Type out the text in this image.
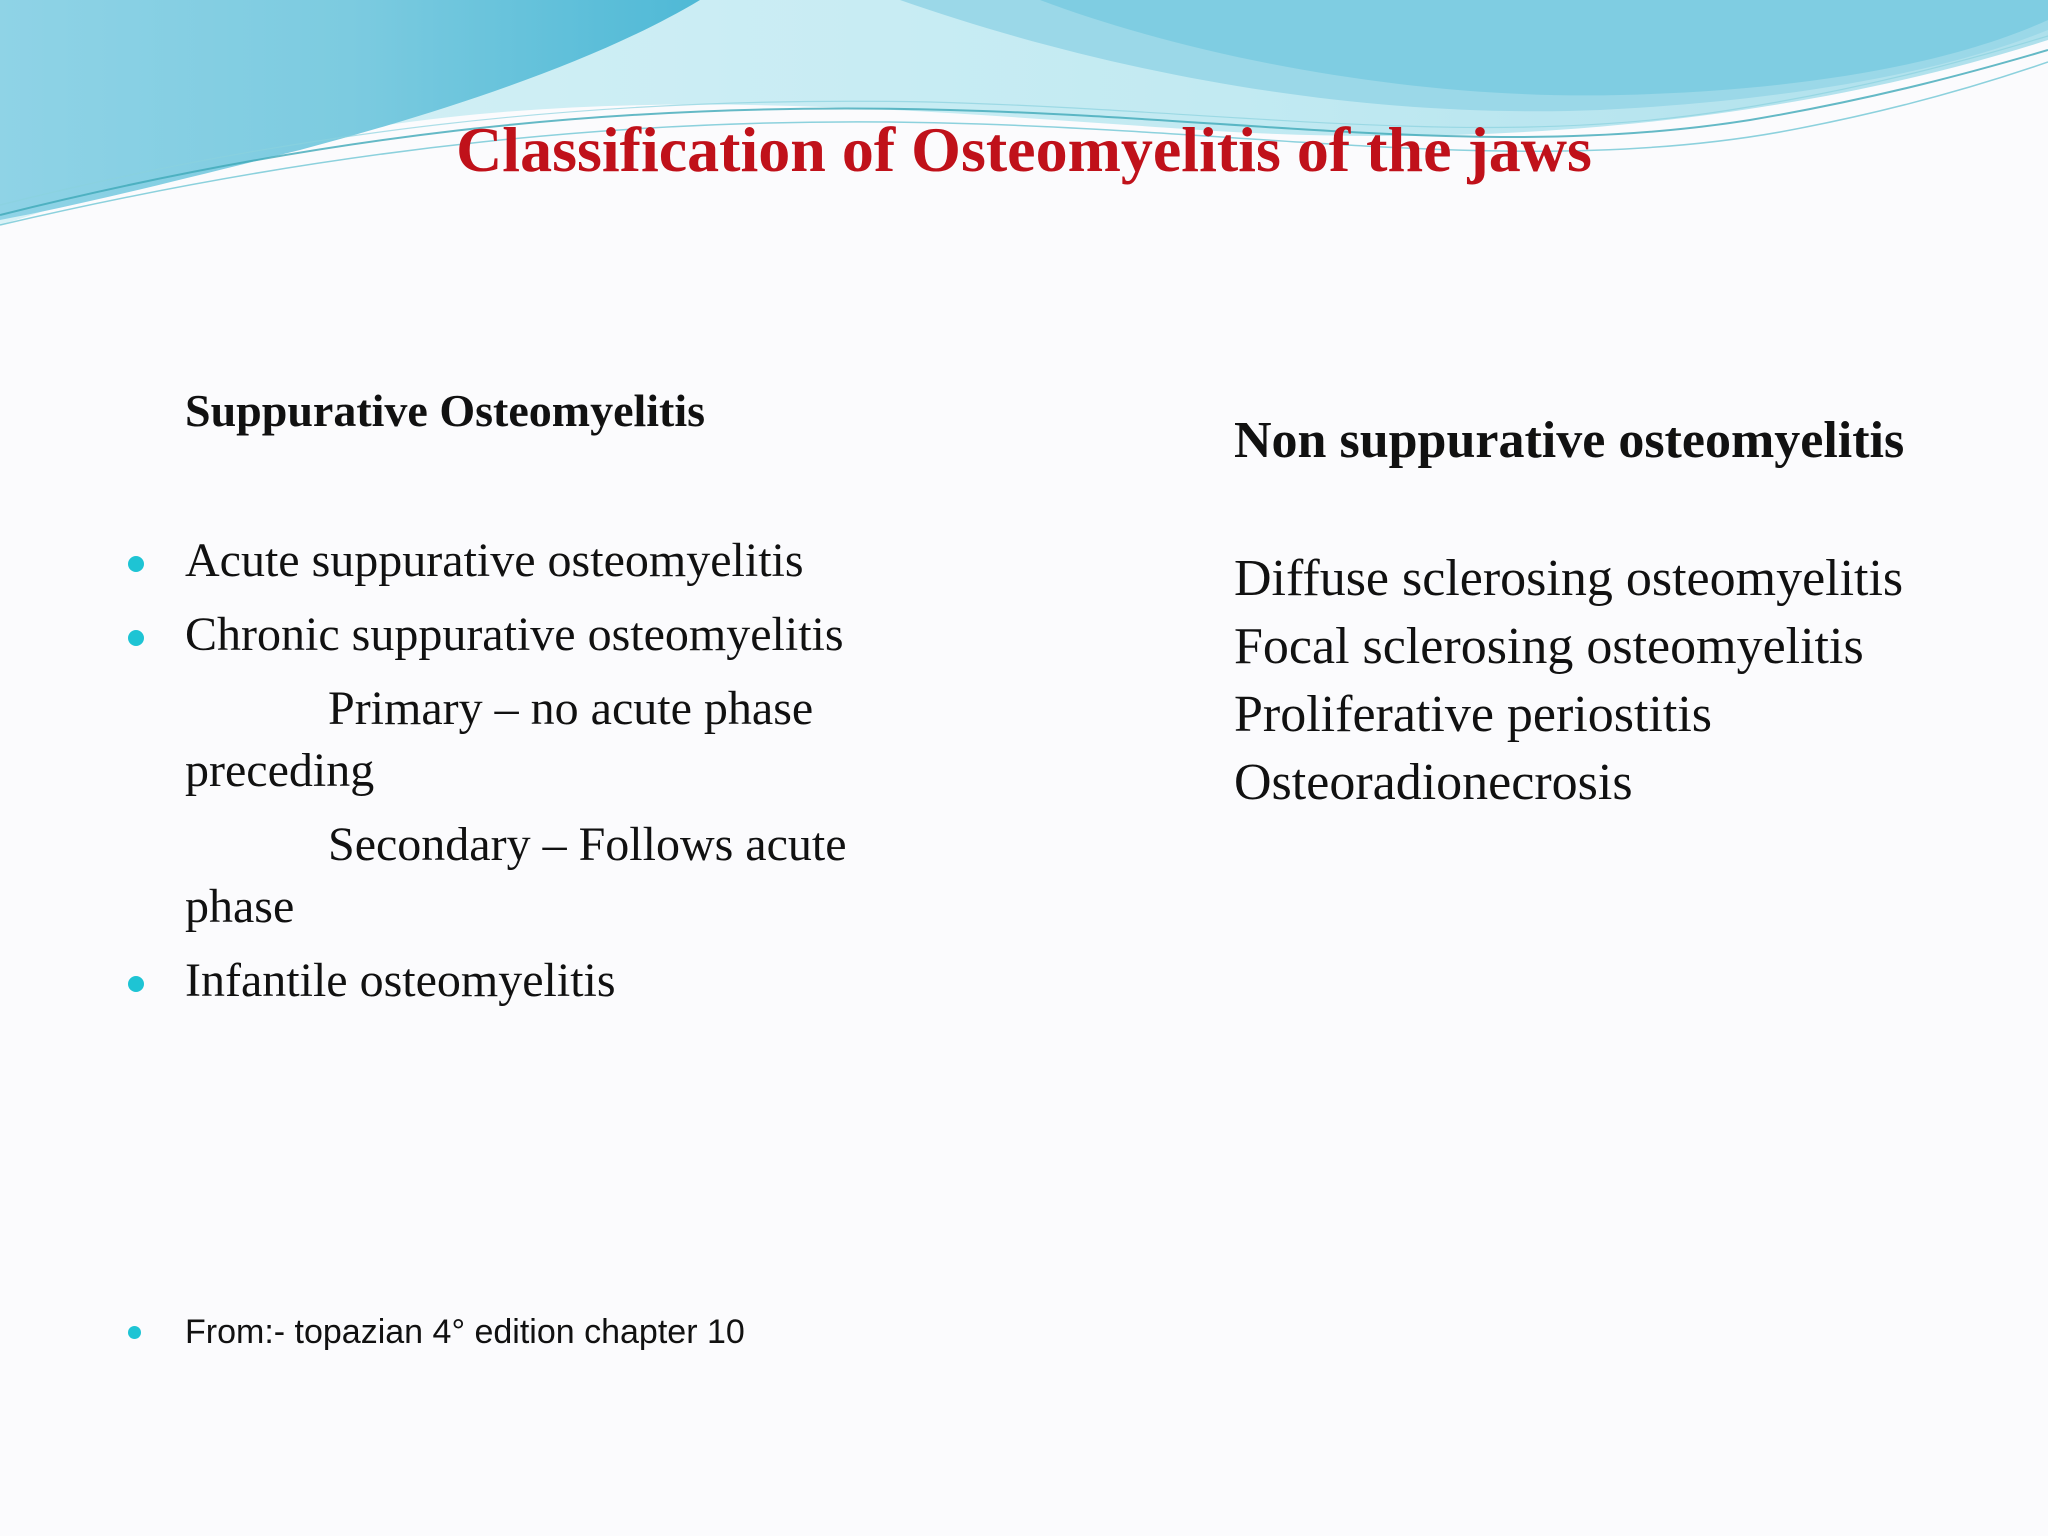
Classification of Osteomyelitis of the jaws
Suppurative Osteomyelitis
Acute suppurative osteomyelitis
Chronic suppurative osteomyelitis
Primary – no acute phase preceding
Secondary – Follows acute phase
Infantile osteomyelitis
Non suppurative osteomyelitis
Diffuse sclerosing osteomyelitis
Focal sclerosing osteomyelitis
Proliferative periostitis
Osteoradionecrosis
From:- topazian 4° edition chapter 10
